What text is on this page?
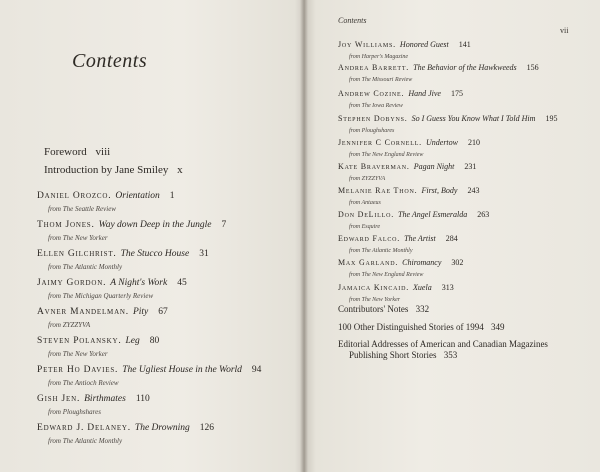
Contents
Foreword viii
Introduction by Jane Smiley x
Daniel Orozco. Orientation 1
from The Seattle Review
Thom Jones. Way down Deep in the Jungle 7
from The New Yorker
Ellen Gilchrist. The Stucco House 31
from The Atlantic Monthly
Jaimy Gordon. A Night's Work 45
from The Michigan Quarterly Review
Avner Mandelman. Pity 67
from ZYZZYVA
Steven Polansky. Leg 80
from The New Yorker
Peter Ho Davies. The Ugliest House in the World 94
from The Antioch Review
Gish Jen. Birthmates 110
from Ploughshares
Edward J. Delaney. The Drowning 126
from The Atlantic Monthly
Contents
vii
Joy Williams. Honored Guest 141
from Harper's Magazine
Andrea Barrett. The Behavior of the Hawkweeds 156
from The Missouri Review
Andrew Cozine. Hand Jive 175
from The Iowa Review
Stephen Dobyns. So I Guess You Know What I Told Him 195
from Ploughshares
Jennifer C Cornell. Undertow 210
from The New England Review
Kate Braverman. Pagan Night 231
from ZYZZYVA
Melanie Rae Thon. First, Body 243
from Antaeus
Don DeLillo. The Angel Esmeralda 263
from Esquire
Edward Falco. The Artist 284
from The Atlantic Monthly
Max Garland. Chiromancy 302
from The New England Review
Jamaica Kincaid. Xuela 313
from The New Yorker
Contributors' Notes 332
100 Other Distinguished Stories of 1994 349
Editorial Addresses of American and Canadian Magazines
Publishing Short Stories 353
